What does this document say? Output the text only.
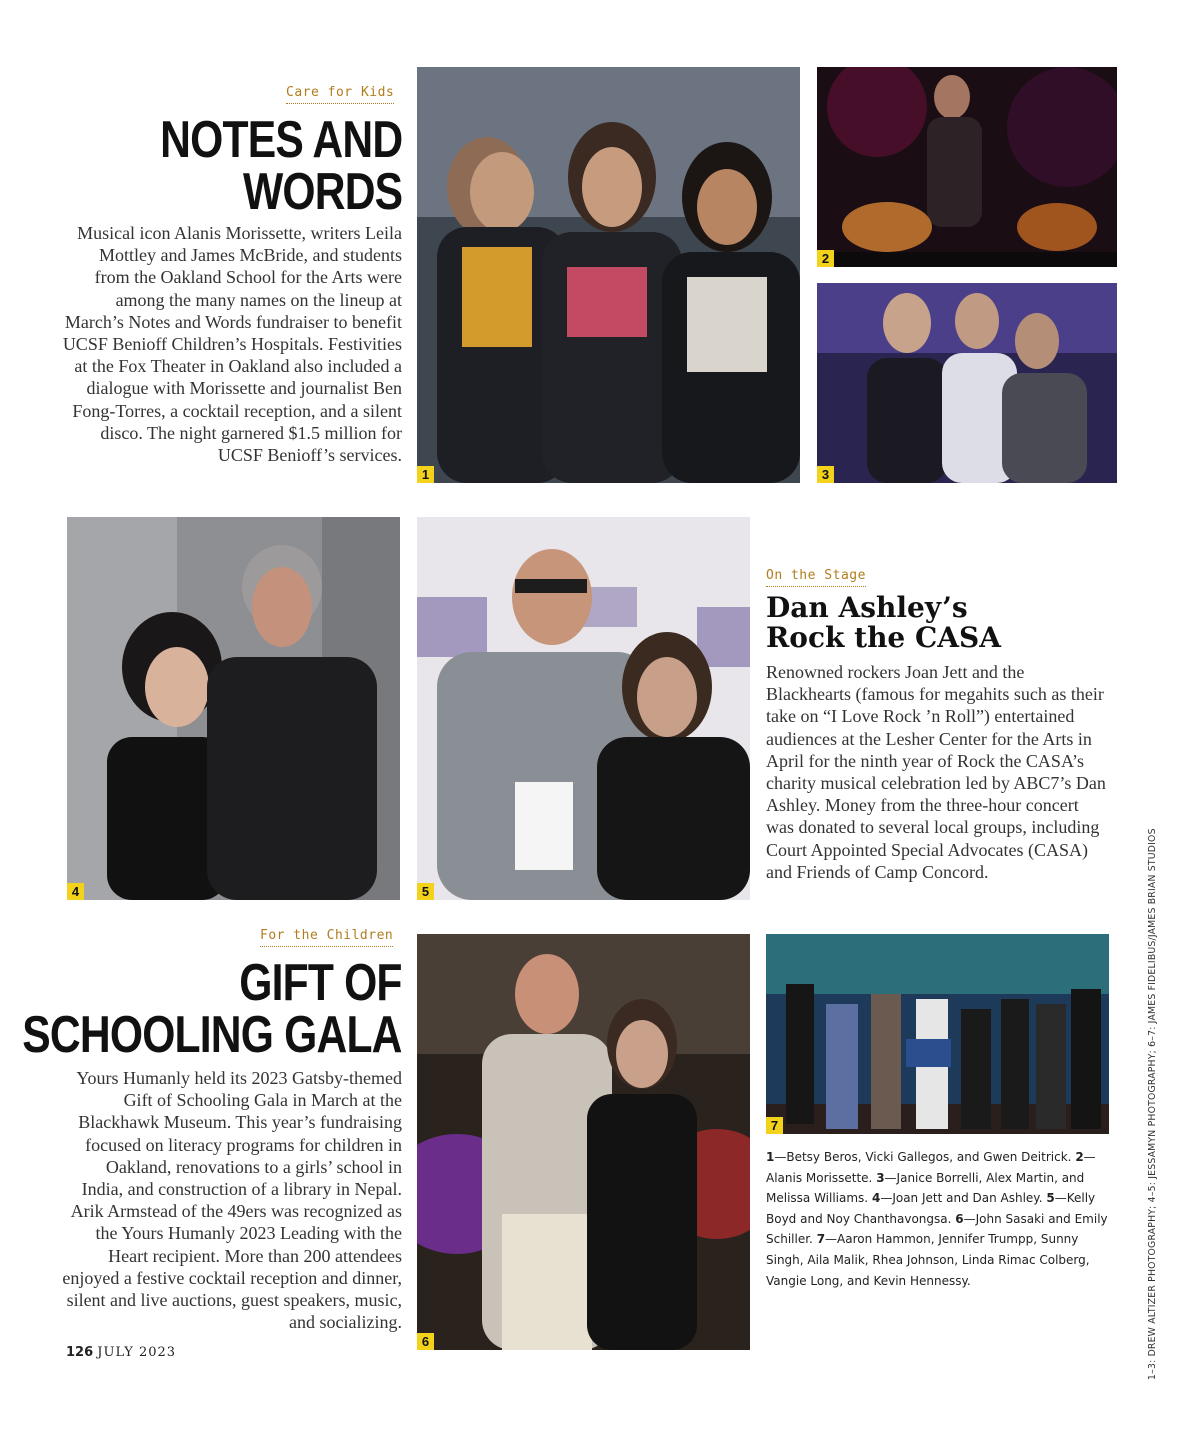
Care for Kids
NOTES AND
WORDS

Musical icon Alanis Morissette, writers Leila Mottley and James McBride, and students from the Oakland School for the Arts were among the many names on the lineup at March’s Notes and Words fundraiser to benefit UCSF Benioff Children’s Hospitals. Festivities at the Fox Theater in Oakland also included a dialogue with Morissette and journalist Ben Fong-Torres, a cocktail reception, and a silent disco. The night garnered $1.5 million for UCSF Benioff’s services.

1
2
3
4	5
On the Stage
Dan Ashley’s
Rock the CASA

Renowned rockers Joan Jett and the Blackhearts (famous for megahits such as their take on “I Love Rock ’n Roll”) entertained audiences at the Lesher Center for the Arts in April for the ninth year of Rock the CASA’s charity musical celebration led by ABC7’s Dan Ashley. Money from the three-hour concert was donated to several local groups, including Court Appointed Special Advocates (CASA) and Friends of Camp Concord.

For the Children
GIFT OF
SCHOOLING GALA

Yours Humanly held its 2023 Gatsby-themed Gift of Schooling Gala in March at the Blackhawk Museum. This year’s fundraising focused on literacy programs for children in Oakland, renovations to a girls’ school in India, and construction of a library in Nepal. Arik Armstead of the 49ers was recognized as the Yours Humanly 2023 Leading with the Heart recipient. More than 200 attendees enjoyed a festive cocktail reception and dinner, silent and live auctions, guest speakers, music, and socializing.

6
7
1—Betsy Beros, Vicki Gallegos, and Gwen Deitrick. 2—Alanis Morissette. 3—Janice Borrelli, Alex Martin, and Melissa Williams. 4—Joan Jett and Dan Ashley. 5—Kelly Boyd and Noy Chanthavongsa. 6—John Sasaki and Emily Schiller. 7—Aaron Hammon, Jennifer Trumpp, Sunny Singh, Aila Malik, Rhea Johnson, Linda Rimac Colberg, Vangie Long, and Kevin Hennessy.	1–3: DREW ALTIZER PHOTOGRAPHY; 4–5: JESSAMYN PHOTOGRAPHY; 6–7: JAMES FIDELIBUS/JAMES BRIAN STUDIOS
126 JULY 2023
